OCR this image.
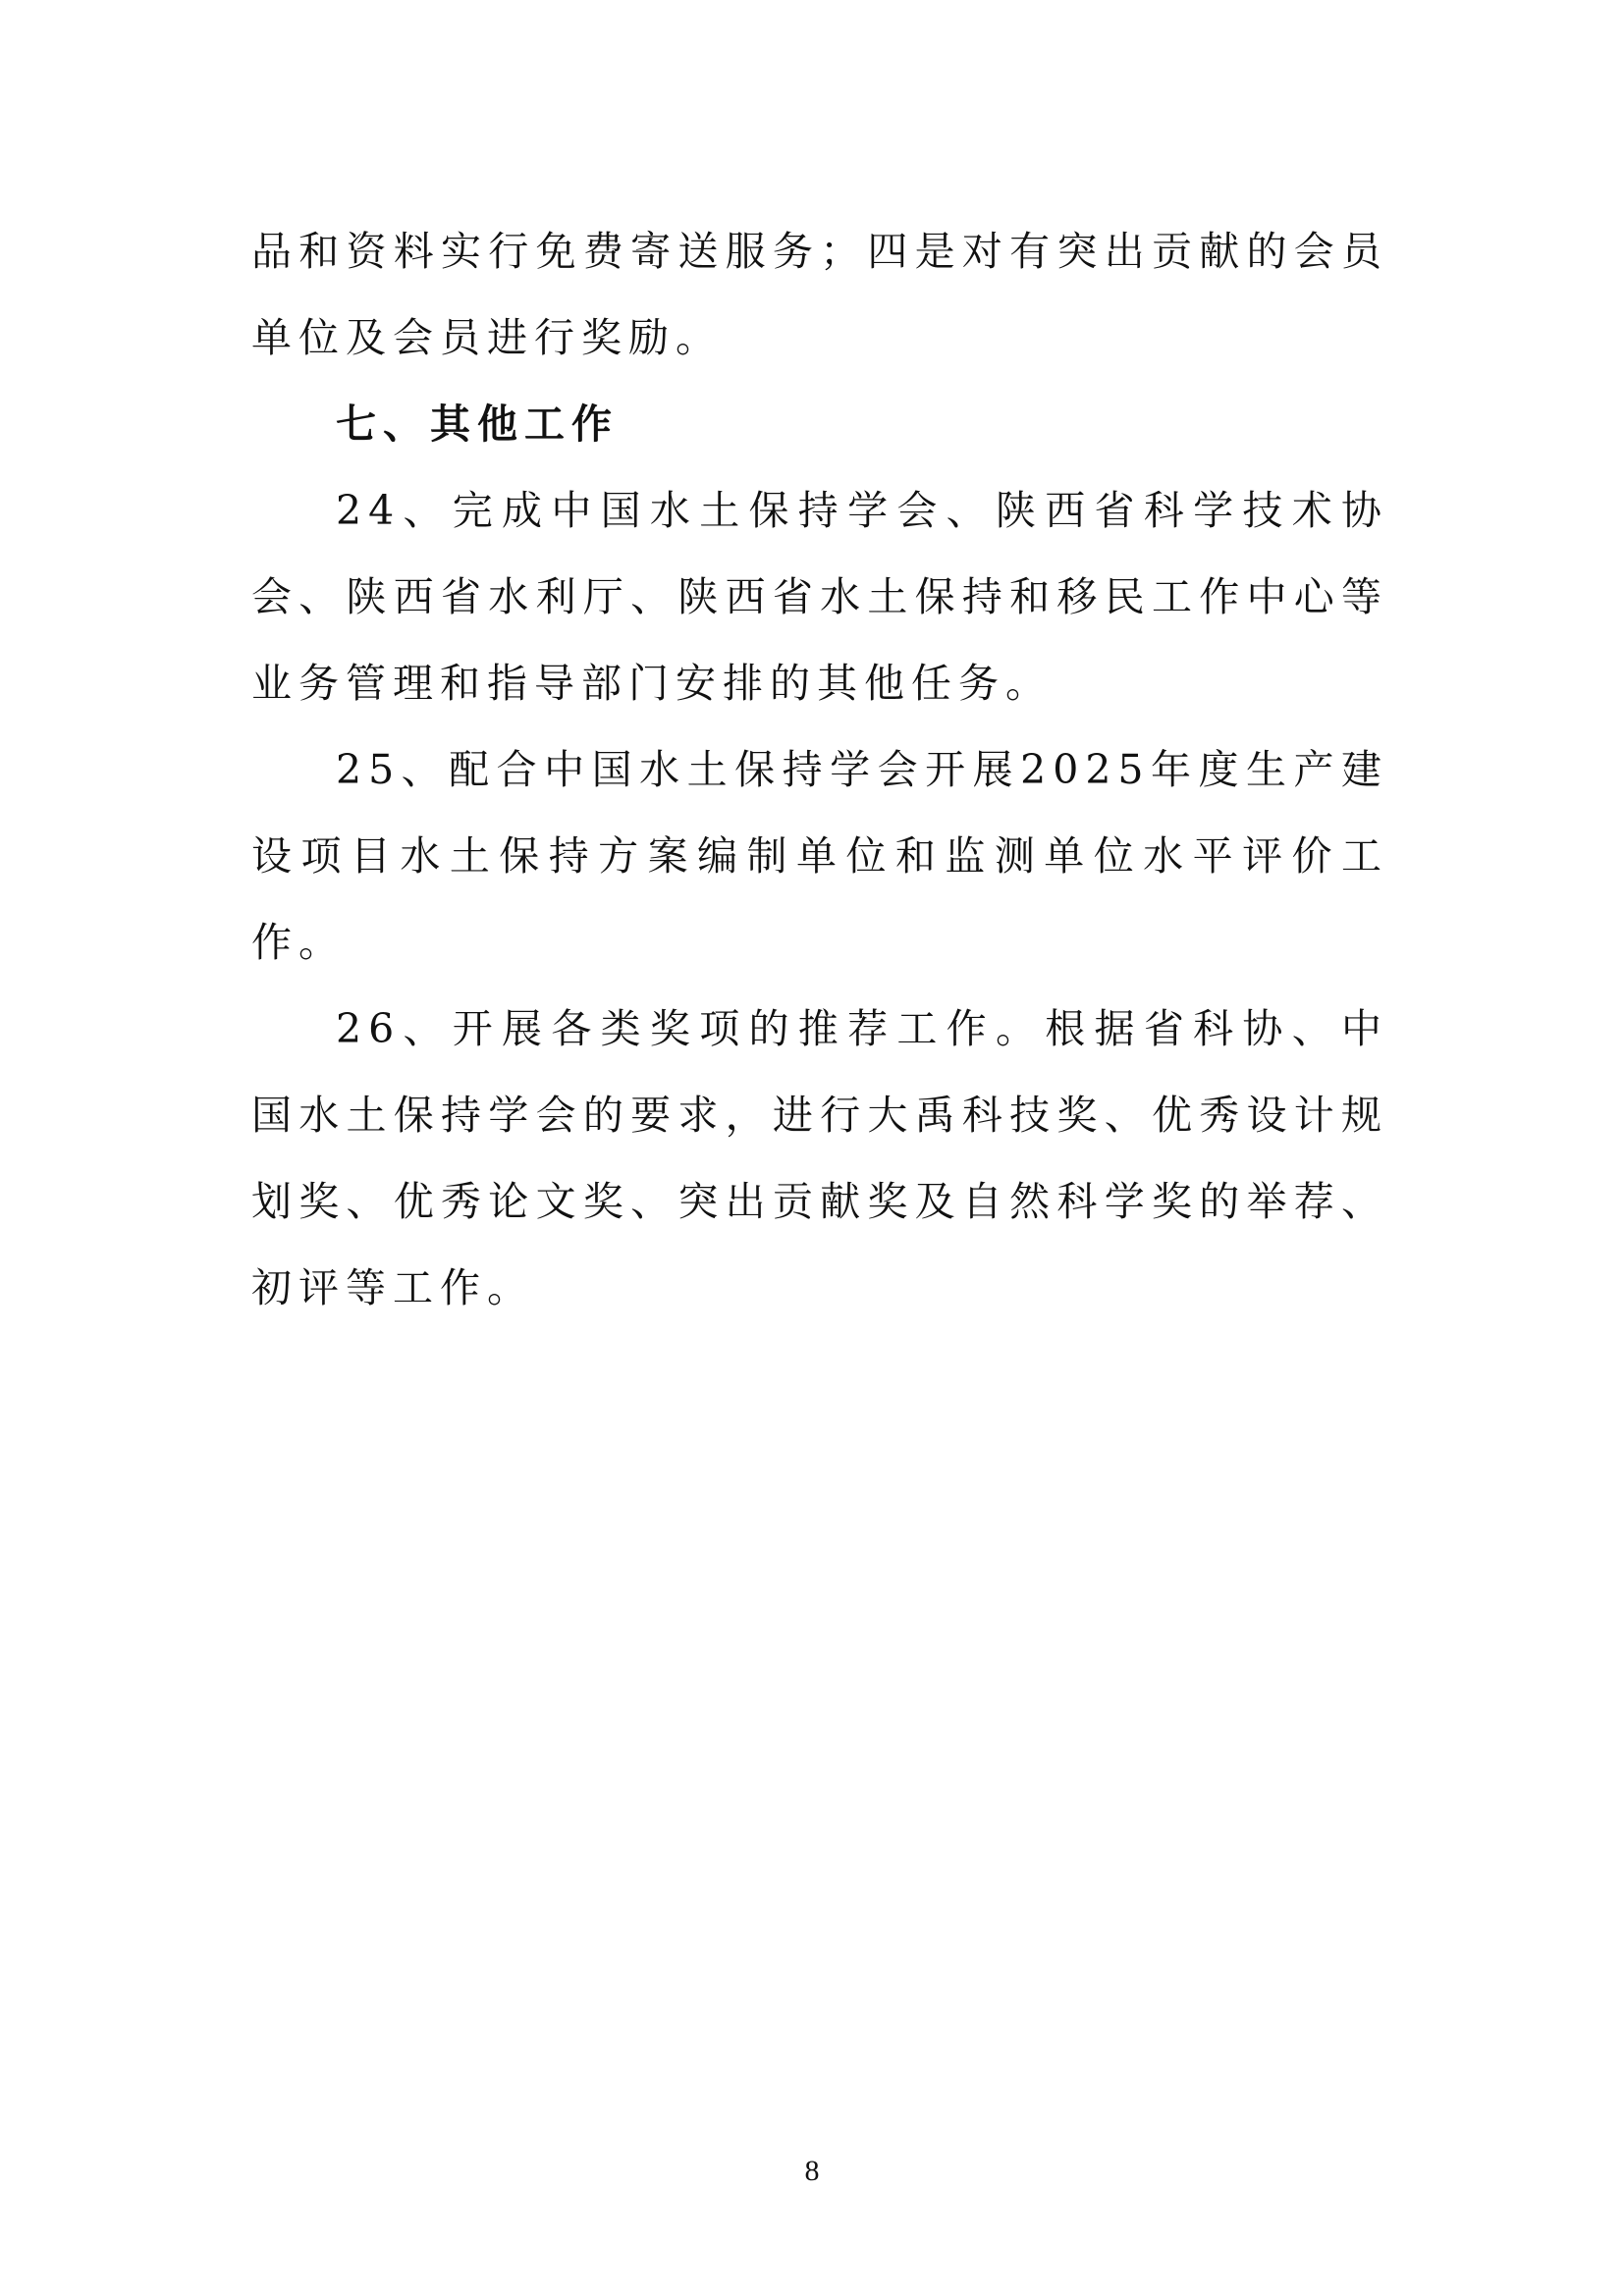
品和资料实行免费寄送服务；四是对有突出贡献的会员单位及会员进行奖励。

七、其他工作

24、完成中国水土保持学会、陕西省科学技术协会、陕西省水利厅、陕西省水土保持和移民工作中心等业务管理和指导部门安排的其他任务。

25、配合中国水土保持学会开展2025年度生产建设项目水土保持方案编制单位和监测单位水平评价工作。

26、开展各类奖项的推荐工作。根据省科协、中国水土保持学会的要求，进行大禹科技奖、优秀设计规划奖、优秀论文奖、突出贡献奖及自然科学奖的举荐、初评等工作。

8
